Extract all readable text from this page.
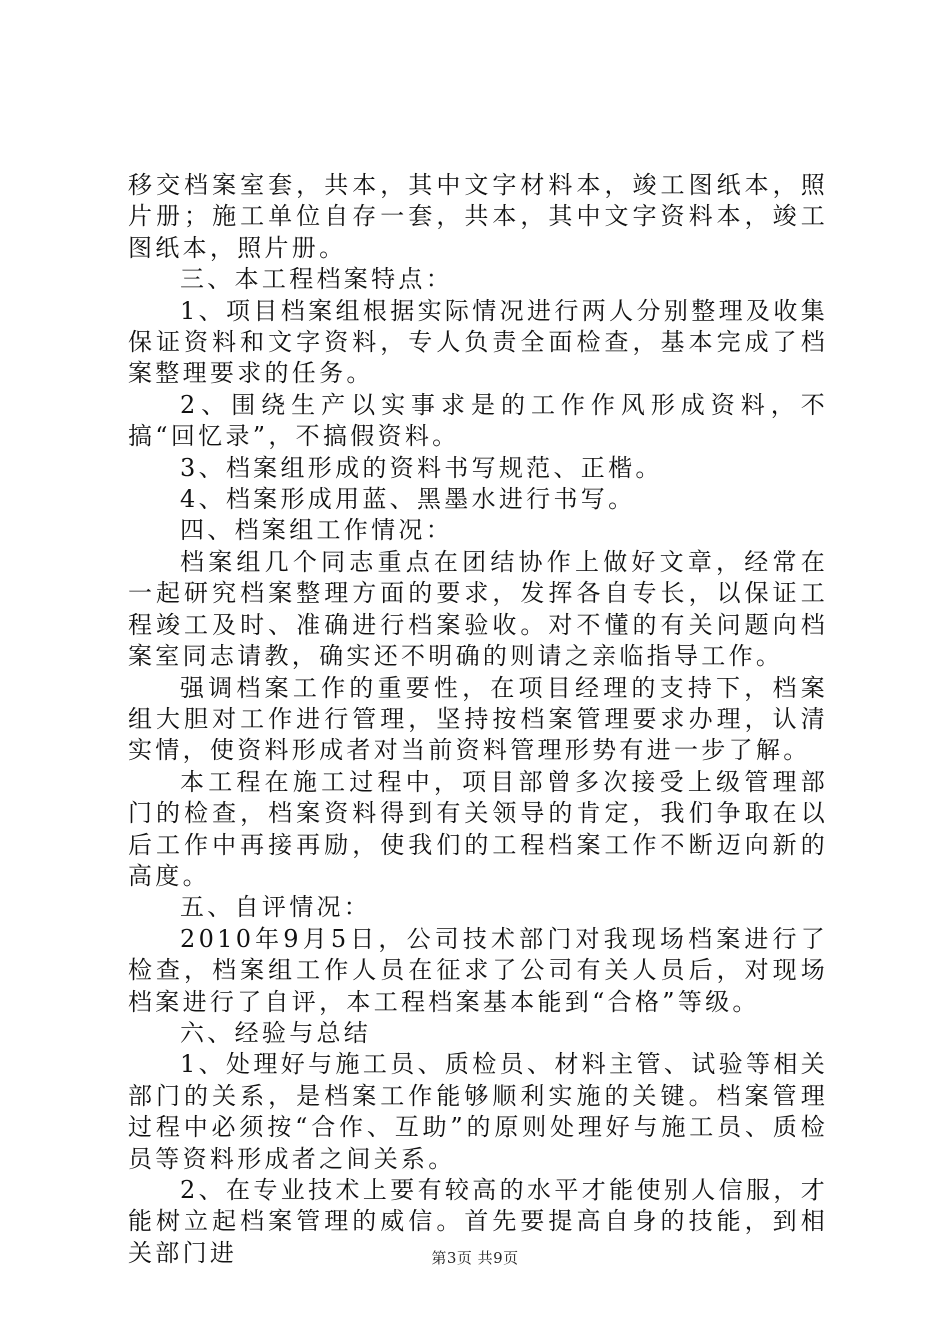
移交档案室套，共本，其中文字材料本，竣工图纸本，照片册；施工单位自存一套，共本，其中文字资料本，竣工图纸本，照片册。

三、本工程档案特点：

1、项目档案组根据实际情况进行两人分别整理及收集保证资料和文字资料，专人负责全面检查，基本完成了档案整理要求的任务。

2、围绕生产以实事求是的工作作风形成资料，不搞“回忆录”，不搞假资料。

3、档案组形成的资料书写规范、正楷。

4、档案形成用蓝、黑墨水进行书写。

四、档案组工作情况：

档案组几个同志重点在团结协作上做好文章，经常在一起研究档案整理方面的要求，发挥各自专长，以保证工程竣工及时、准确进行档案验收。对不懂的有关问题向档案室同志请教，确实还不明确的则请之亲临指导工作。

强调档案工作的重要性，在项目经理的支持下，档案组大胆对工作进行管理，坚持按档案管理要求办理，认清实情，使资料形成者对当前资料管理形势有进一步了解。

本工程在施工过程中，项目部曾多次接受上级管理部门的检查，档案资料得到有关领导的肯定，我们争取在以后工作中再接再励，使我们的工程档案工作不断迈向新的高度。

五、自评情况：

2010年9月5日，公司技术部门对我现场档案进行了检查，档案组工作人员在征求了公司有关人员后，对现场档案进行了自评，本工程档案基本能到“合格”等级。

六、经验与总结

1、处理好与施工员、质检员、材料主管、试验等相关部门的关系，是档案工作能够顺利实施的关键。档案管理过程中必须按“合作、互助”的原则处理好与施工员、质检员等资料形成者之间关系。

2、在专业技术上要有较高的水平才能使别人信服，才能树立起档案管理的威信。首先要提高自身的技能，到相关部门进	第3页 共9页
